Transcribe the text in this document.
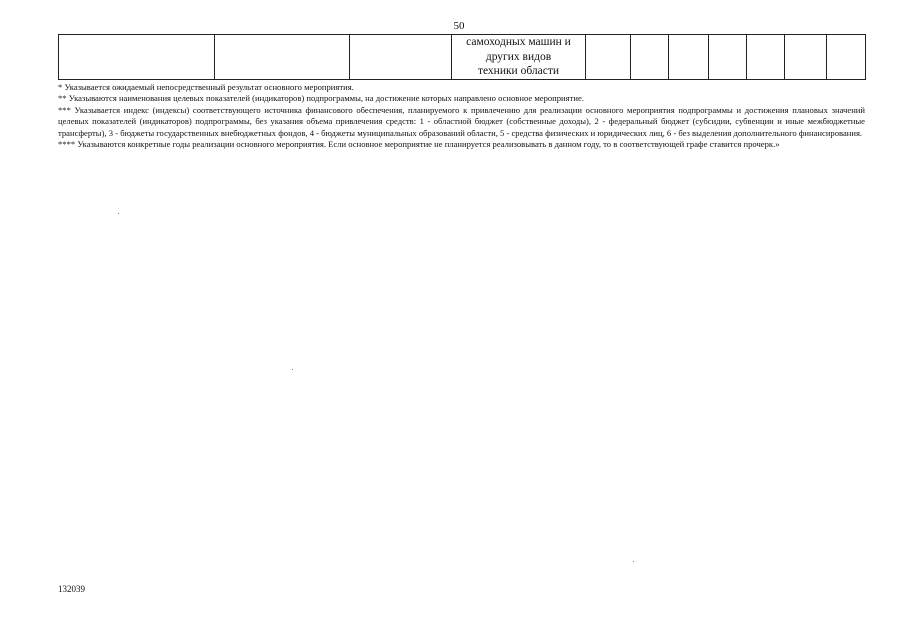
50

самоходных машин и
других видов
техники области

* Указывается ожидаемый непосредственный результат основного мероприятия.

** Указываются наименования целевых показателей (индикаторов) подпрограммы, на достижение которых направлено основное мероприятие.

*** Указывается индекс (индексы) соответствующего источника финансового обеспечения, планируемого к привлечению для реализации основного мероприятия подпрограммы и достижения плановых значений целевых показателей (индикаторов) подпрограммы, без указания объема привлечения средств: 1 - областной бюджет (собственные доходы), 2 - федеральный бюджет (субсидии, субвенции и иные межбюджетные трансферты), 3 - бюджеты государственных внебюджетных фондов, 4 - бюджеты муниципальных образований области, 5 - средства физических и юридических лиц, 6 - без выделения дополнительного финансирования.

**** Указываются конкретные годы реализации основного мероприятия. Если основное мероприятие не планируется реализовывать в данном году, то в соответствующей графе ставится прочерк.»

132039
